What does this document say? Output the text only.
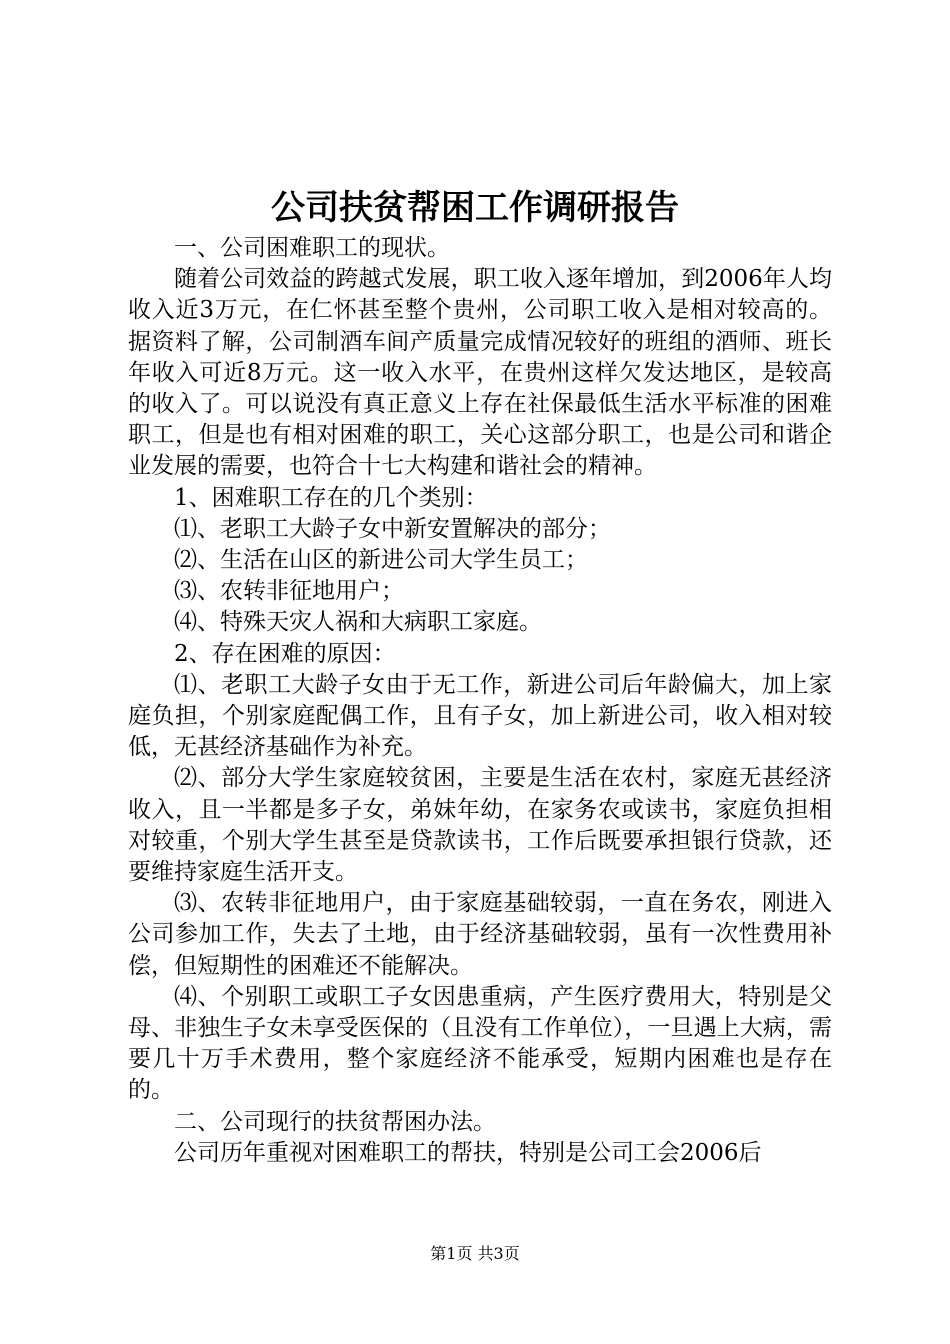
公司扶贫帮困工作调研报告

一、公司困难职工的现状。

随着公司效益的跨越式发展，职工收入逐年增加，到2006年人均收入近3万元，在仁怀甚至整个贵州，公司职工收入是相对较高的。据资料了解，公司制酒车间产质量完成情况较好的班组的酒师、班长年收入可近8万元。这一收入水平，在贵州这样欠发达地区，是较高的收入了。可以说没有真正意义上存在社保最低生活水平标准的困难职工，但是也有相对困难的职工，关心这部分职工，也是公司和谐企业发展的需要，也符合十七大构建和谐社会的精神。

1、困难职工存在的几个类别：

⑴、老职工大龄子女中新安置解决的部分；

⑵、生活在山区的新进公司大学生员工；

⑶、农转非征地用户；

⑷、特殊天灾人祸和大病职工家庭。

2、存在困难的原因：

⑴、老职工大龄子女由于无工作，新进公司后年龄偏大，加上家庭负担，个别家庭配偶工作，且有子女，加上新进公司，收入相对较低，无甚经济基础作为补充。

⑵、部分大学生家庭较贫困，主要是生活在农村，家庭无甚经济收入，且一半都是多子女，弟妹年幼，在家务农或读书，家庭负担相对较重，个别大学生甚至是贷款读书，工作后既要承担银行贷款，还要维持家庭生活开支。

⑶、农转非征地用户，由于家庭基础较弱，一直在务农，刚进入公司参加工作，失去了土地，由于经济基础较弱，虽有一次性费用补偿，但短期性的困难还不能解决。

⑷、个别职工或职工子女因患重病，产生医疗费用大，特别是父母、非独生子女未享受医保的（且没有工作单位），一旦遇上大病，需要几十万手术费用，整个家庭经济不能承受，短期内困难也是存在的。

二、公司现行的扶贫帮困办法。

公司历年重视对困难职工的帮扶，特别是公司工会2006后

第1页 共3页
